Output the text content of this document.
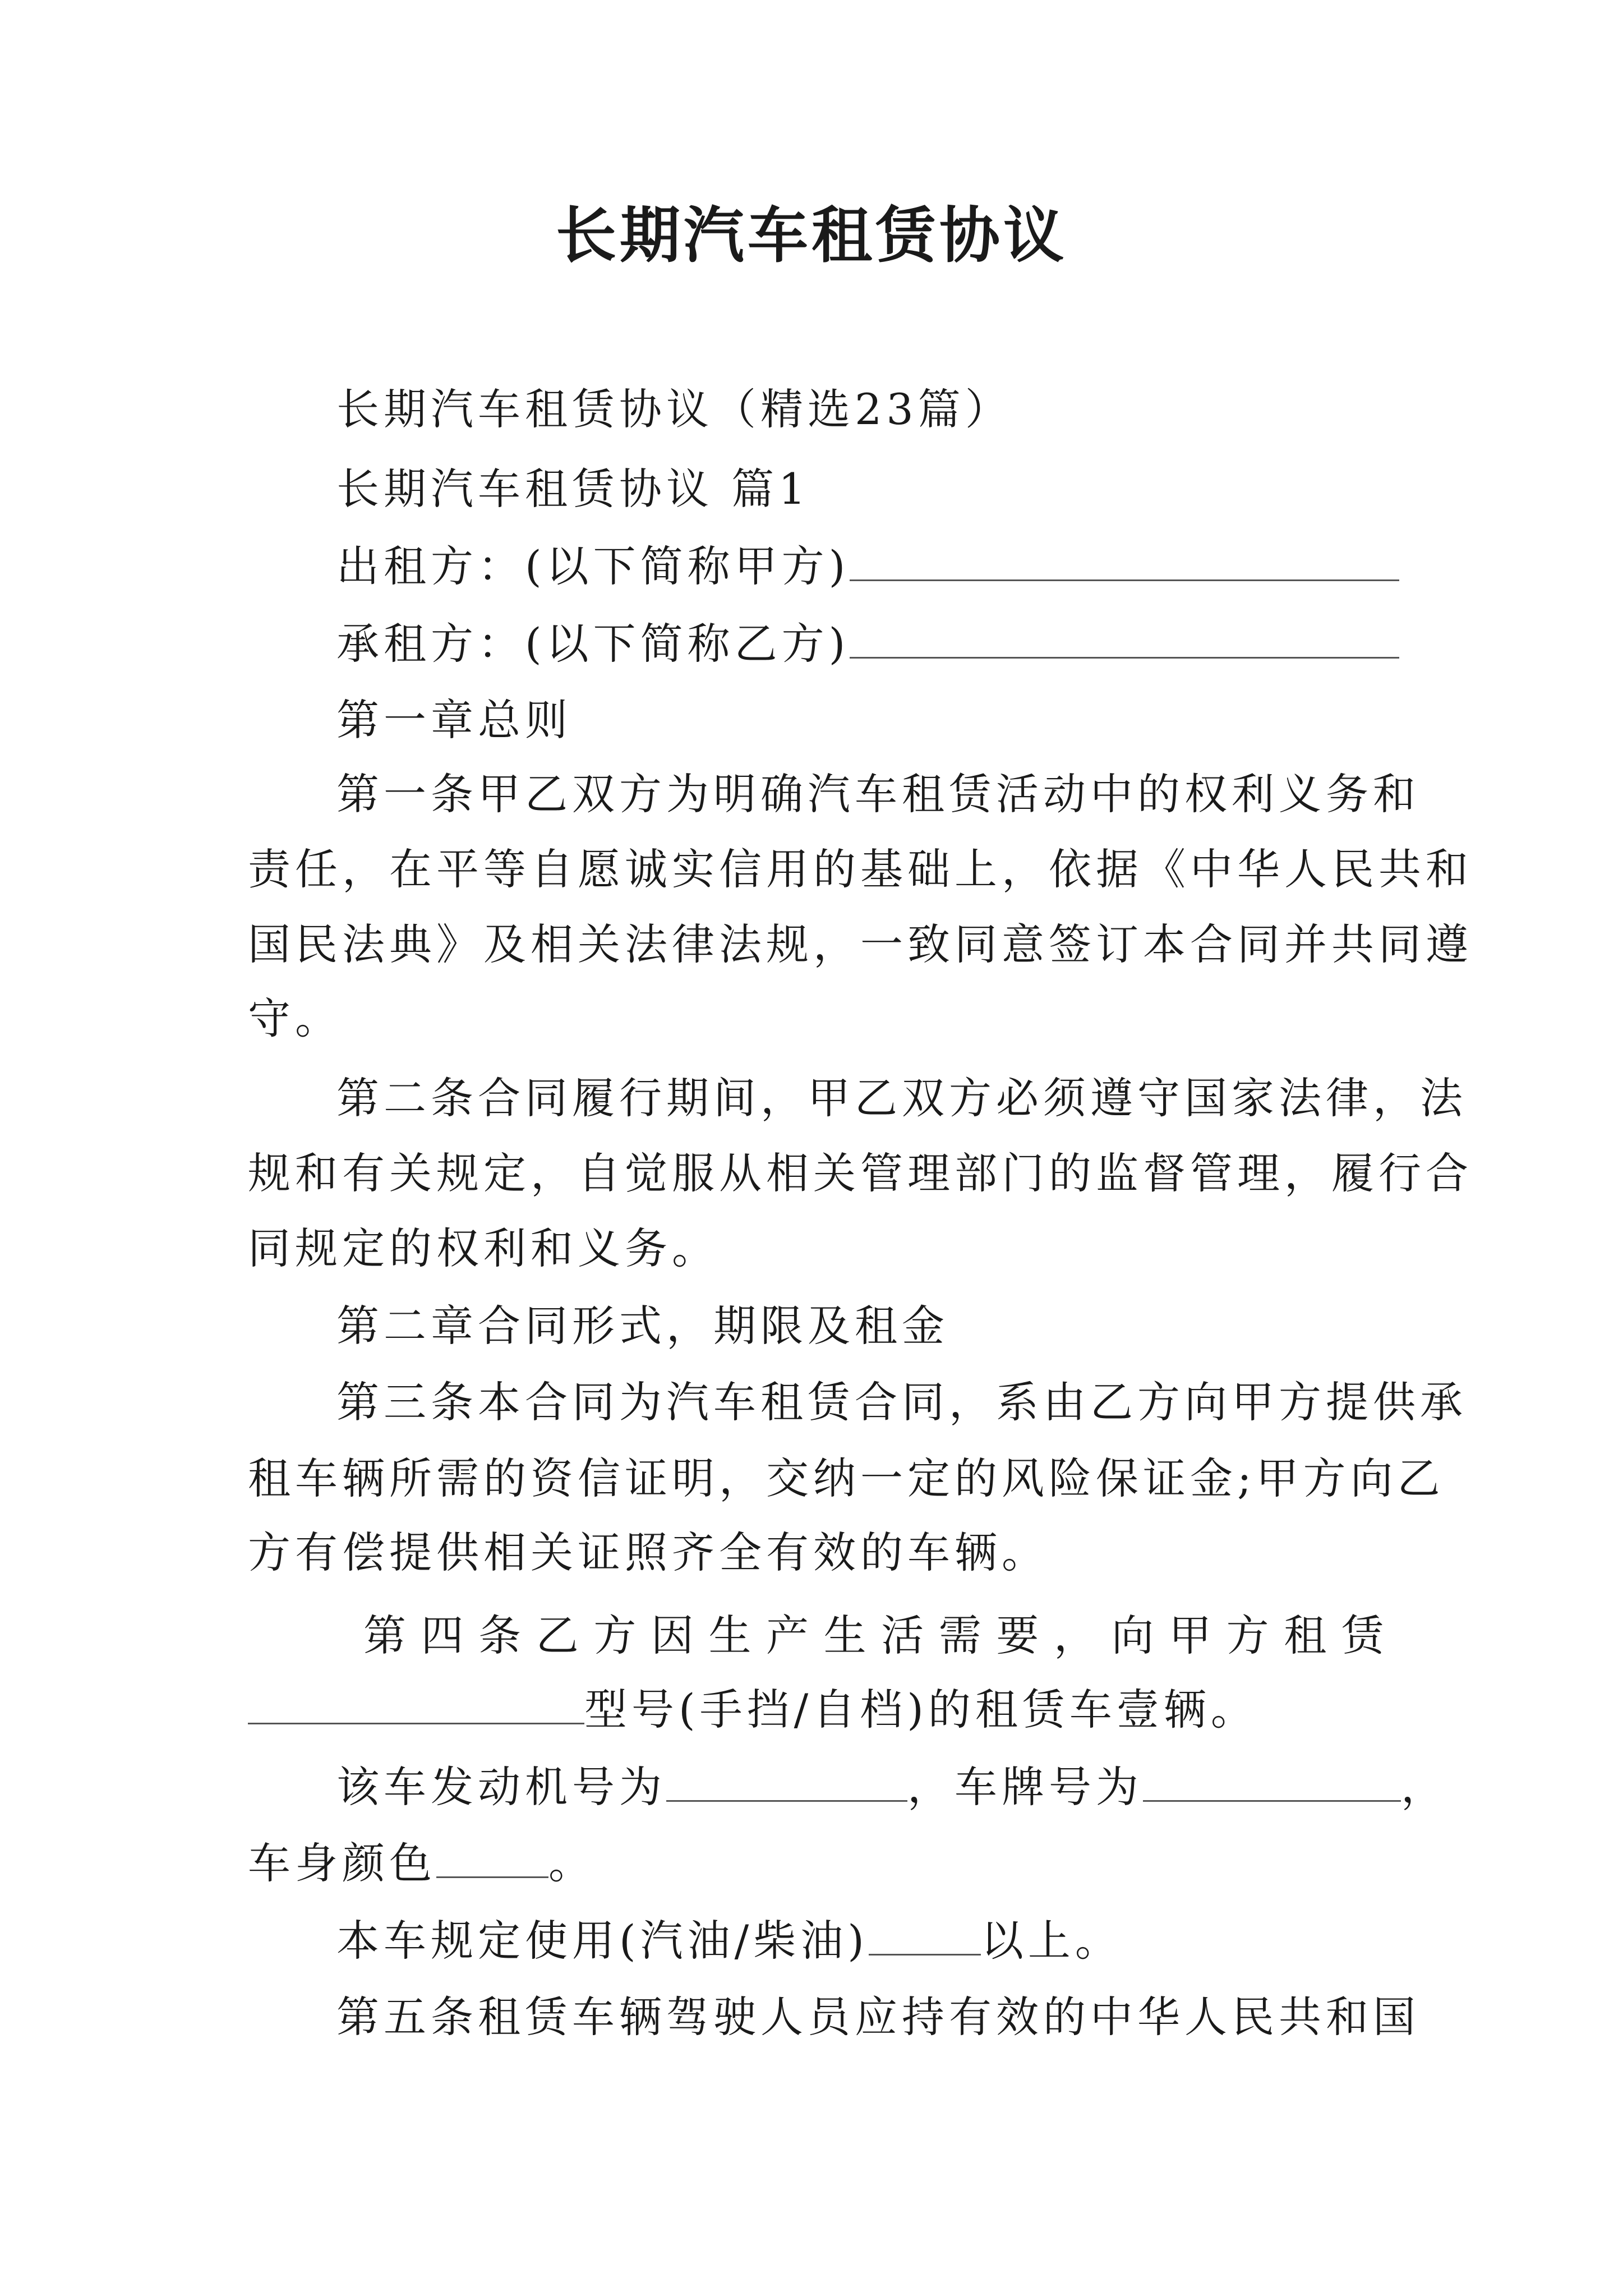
长期汽车租赁协议
长期汽车租赁协议（精选23篇）
长期汽车租赁协议 篇1
出租方：(以下简称甲方)
承租方：(以下简称乙方)
第一章总则
第一条甲乙双方为明确汽车租赁活动中的权利义务和
责任，在平等自愿诚实信用的基础上，依据《中华人民共和
国民法典》及相关法律法规，一致同意签订本合同并共同遵
守。
第二条合同履行期间，甲乙双方必须遵守国家法律，法
规和有关规定，自觉服从相关管理部门的监督管理，履行合
同规定的权利和义务。
第二章合同形式，期限及租金
第三条本合同为汽车租赁合同，系由乙方向甲方提供承
租车辆所需的资信证明，交纳一定的风险保证金;甲方向乙
方有偿提供相关证照齐全有效的车辆。
第 四 条 乙 方 因 生 产 生 活 需 要 ， 向 甲 方 租 赁
型号(手挡/自档)的租赁车壹辆。
该车发动机号为	，车牌号为	，
车身颜色	。
本车规定使用(汽油/柴油)	以上。
第五条租赁车辆驾驶人员应持有效的中华人民共和国
